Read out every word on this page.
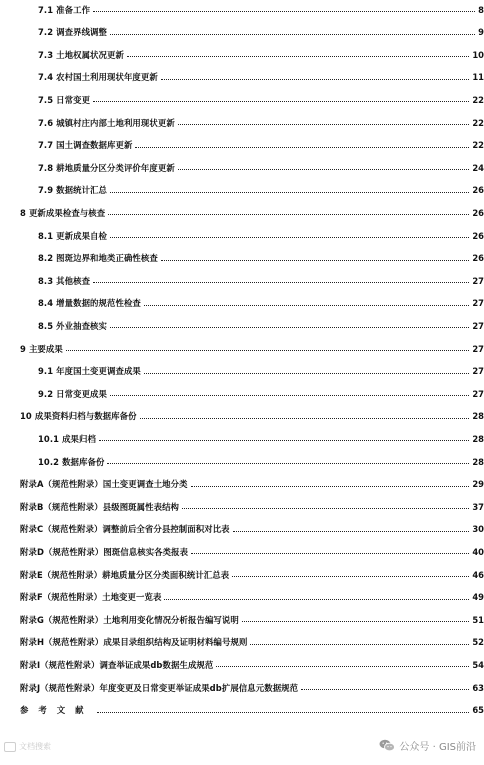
7.1 准备工作	8
7.2 调查界线调整	9
7.3 土地权属状况更新	10
7.4 农村国土利用现状年度更新	11
7.5 日常变更	22
7.6 城镇村庄内部土地利用现状更新	22
7.7 国土调查数据库更新	22
7.8 耕地质量分区分类评价年度更新	24
7.9 数据统计汇总	26
8 更新成果检查与核查	26
8.1 更新成果自检	26
8.2 图斑边界和地类正确性核查	26
8.3 其他核查	27
8.4 增量数据的规范性检查	27
8.5 外业抽查核实	27
9 主要成果	27
9.1 年度国土变更调查成果	27
9.2 日常变更成果	27
10 成果资料归档与数据库备份	28
10.1 成果归档	28
10.2 数据库备份	28
附录A（规范性附录）国土变更调查土地分类	29
附录B（规范性附录）县级图斑属性表结构	37
附录C（规范性附录）调整前后全省分县控制面积对比表	30
附录D（规范性附录）图斑信息核实各类报表	40
附录E（规范性附录）耕地质量分区分类面积统计汇总表	46
附录F（规范性附录）土地变更一览表	49
附录G（规范性附录）土地利用变化情况分析报告编写说明	51
附录H（规范性附录）成果目录组织结构及证明材料编号规则	52
附录I（规范性附录）调查举证成果db数据生成规范	54
附录J（规范性附录）年度变更及日常变更举证成果db扩展信息元数据规范	63
参考文献	65
文档搜索	公众号 · GIS前沿
